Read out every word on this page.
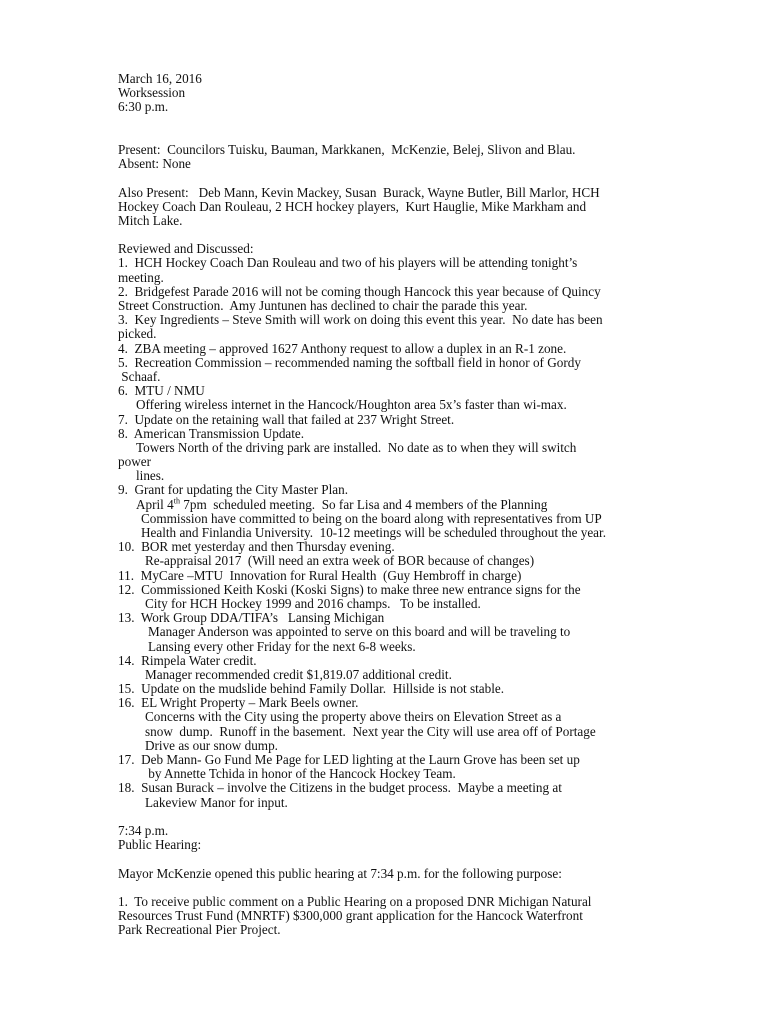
March 16, 2016
Worksession
6:30 p.m.
Present:  Councilors Tuisku, Bauman, Markkanen,  McKenzie, Belej, Slivon and Blau.
Absent: None
Also Present:   Deb Mann, Kevin Mackey, Susan  Burack, Wayne Butler, Bill Marlor, HCH
Hockey Coach Dan Rouleau, 2 HCH hockey players,  Kurt Hauglie, Mike Markham and
Mitch Lake.
Reviewed and Discussed:
1.  HCH Hockey Coach Dan Rouleau and two of his players will be attending tonight’s
meeting.
2.  Bridgefest Parade 2016 will not be coming though Hancock this year because of Quincy
Street Construction.  Amy Juntunen has declined to chair the parade this year.
3.  Key Ingredients – Steve Smith will work on doing this event this year.  No date has been
picked.
4.  ZBA meeting – approved 1627 Anthony request to allow a duplex in an R-1 zone.
5.  Recreation Commission – recommended naming the softball field in honor of Gordy
Schaaf.
6.  MTU / NMU
Offering wireless internet in the Hancock/Houghton area 5x’s faster than wi-max.
7.  Update on the retaining wall that failed at 237 Wright Street.
8.  American Transmission Update.
Towers North of the driving park are installed.  No date as to when they will switch
power
lines.
9.  Grant for updating the City Master Plan.
April 4th 7pm  scheduled meeting.  So far Lisa and 4 members of the Planning
Commission have committed to being on the board along with representatives from UP
Health and Finlandia University.  10-12 meetings will be scheduled throughout the year.
10.  BOR met yesterday and then Thursday evening.
Re-appraisal 2017  (Will need an extra week of BOR because of changes)
11.  MyCare –MTU  Innovation for Rural Health  (Guy Hembroff in charge)
12.  Commissioned Keith Koski (Koski Signs) to make three new entrance signs for the
City for HCH Hockey 1999 and 2016 champs.   To be installed.
13.  Work Group DDA/TIFA’s   Lansing Michigan
Manager Anderson was appointed to serve on this board and will be traveling to
Lansing every other Friday for the next 6-8 weeks.
14.  Rimpela Water credit.
Manager recommended credit $1,819.07 additional credit.
15.  Update on the mudslide behind Family Dollar.  Hillside is not stable.
16.  EL Wright Property – Mark Beels owner.
Concerns with the City using the property above theirs on Elevation Street as a
snow  dump.  Runoff in the basement.  Next year the City will use area off of Portage
Drive as our snow dump.
17.  Deb Mann- Go Fund Me Page for LED lighting at the Laurn Grove has been set up
by Annette Tchida in honor of the Hancock Hockey Team.
18.  Susan Burack – involve the Citizens in the budget process.  Maybe a meeting at
Lakeview Manor for input.
7:34 p.m.
Public Hearing:
Mayor McKenzie opened this public hearing at 7:34 p.m. for the following purpose:
1.  To receive public comment on a Public Hearing on a proposed DNR Michigan Natural
Resources Trust Fund (MNRTF) $300,000 grant application for the Hancock Waterfront
Park Recreational Pier Project.
